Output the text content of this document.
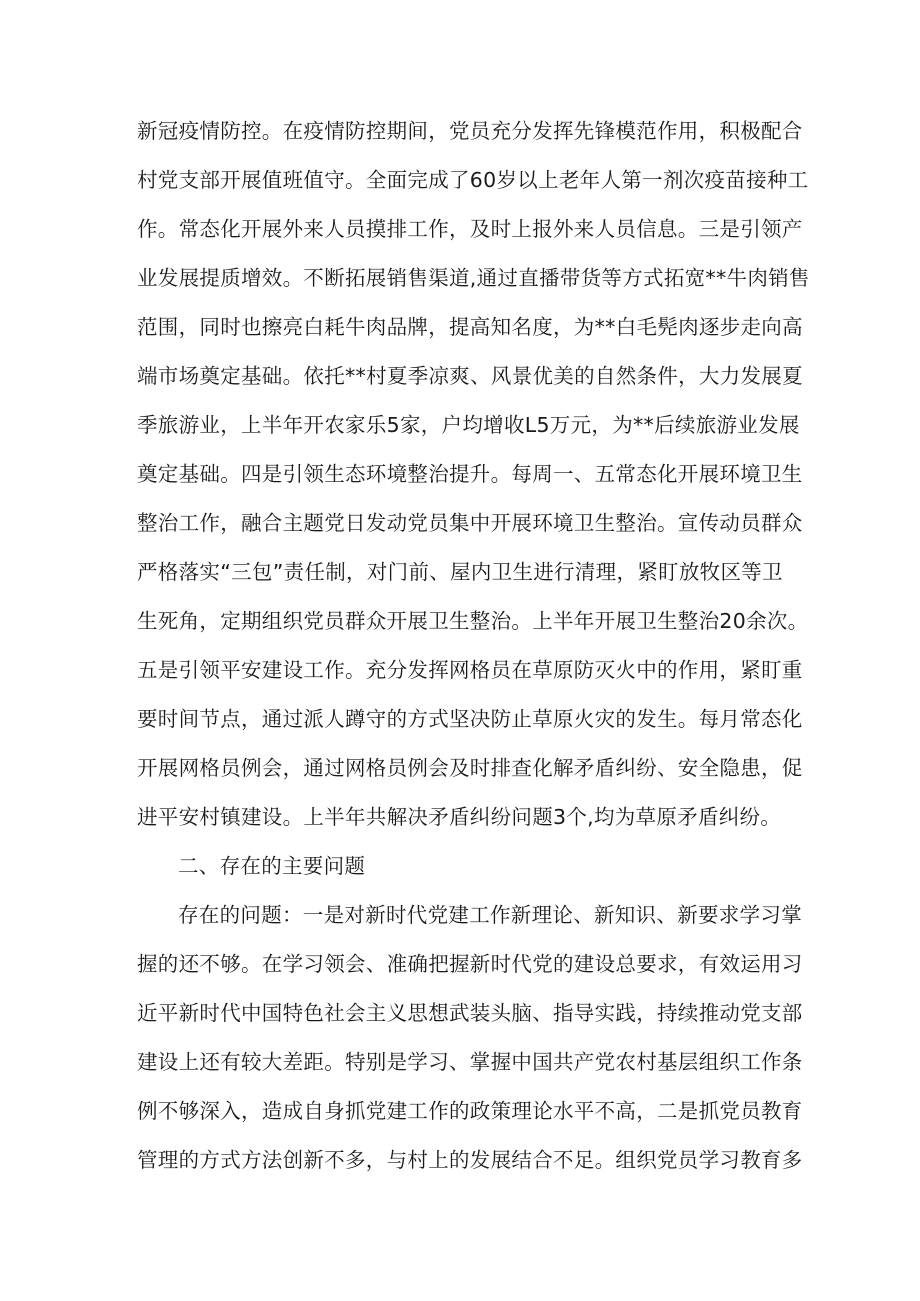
新冠疫情防控。在疫情防控期间，党员充分发挥先锋模范作用，积极配合
村党支部开展值班值守。全面完成了60岁以上老年人第一剂次疫苗接种工
作。常态化开展外来人员摸排工作，及时上报外来人员信息。三是引领产
业发展提质增效。不断拓展销售渠道,通过直播带货等方式拓宽**牛肉销售
范围，同时也擦亮白耗牛肉品牌，提高知名度，为**白毛髡肉逐步走向高
端市场奠定基础。依托**村夏季凉爽、风景优美的自然条件，大力发展夏
季旅游业，上半年开农家乐5家，户均增收L5万元，为**后续旅游业发展
奠定基础。四是引领生态环境整治提升。每周一、五常态化开展环境卫生
整治工作，融合主题党日发动党员集中开展环境卫生整治。宣传动员群众
严格落实“三包”责任制，对门前、屋内卫生进行清理，紧盯放牧区等卫
生死角，定期组织党员群众开展卫生整治。上半年开展卫生整治20余次。
五是引领平安建设工作。充分发挥网格员在草原防灭火中的作用，紧盯重
要时间节点，通过派人蹲守的方式坚决防止草原火灾的发生。每月常态化
开展网格员例会，通过网格员例会及时排查化解矛盾纠纷、安全隐患，促
进平安村镇建设。上半年共解决矛盾纠纷问题3个,均为草原矛盾纠纷。
二、存在的主要问题
存在的问题：一是对新时代党建工作新理论、新知识、新要求学习掌
握的还不够。在学习领会、准确把握新时代党的建设总要求，有效运用习
近平新时代中国特色社会主义思想武装头脑、指导实践，持续推动党支部
建设上还有较大差距。特别是学习、掌握中国共产党农村基层组织工作条
例不够深入，造成自身抓党建工作的政策理论水平不高，二是抓党员教育
管理的方式方法创新不多，与村上的发展结合不足。组织党员学习教育多
